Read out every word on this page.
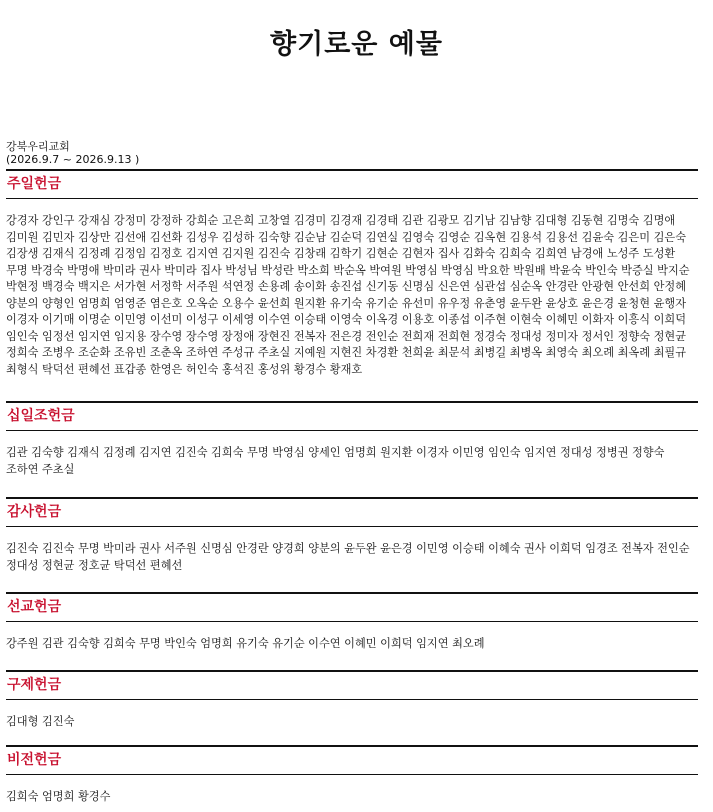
향기로운 예물
강북우리교회
(2026.9.7 ~ 2026.9.13 )
주일헌금
강경자 강인구 강재심 강정미 강정하 강희순 고은희 고창열 김경미 김경재 김경태 김관 김광모 김기남 김남향 김대형 김동현 김명숙 김명애 김미원 김민자 김상만 김선애 김선화 김성우 김성하 김숙향 김순남 김순덕 김연실 김영숙 김영순 김옥현 김용석 김용선 김윤숙 김은미 김은숙 김장생 김재식 김정례 김정임 김정호 김지연 김지원 김진숙 김창래 김학기 김현순 김현자 집사 김화숙 김희숙 김희연 남경애 노성주 도성환 무명 박경숙 박명애 박미라 권사 박미라 집사 박성님 박성란 박소희 박순옥 박여원 박영심 박영심 박요한 박원배 박윤숙 박인숙 박증실 박지순 박현정 백경숙 백지은 서가현 서정학 서주원 석연정 손용례 송이화 송진섭 신기동 신명심 신은연 심관섭 심순옥 안경란 안광현 안선희 안정혜 양분의 양형인 엄명희 엄영준 염은호 오옥순 오용수 윤선희 원지환 유기숙 유기순 유선미 유우정 유춘영 윤두완 윤상호 윤은경 윤청현 윤행자 이경자 이기매 이명순 이민영 이선미 이성구 이세영 이수연 이승태 이영숙 이옥경 이용호 이종섭 이주현 이현숙 이혜민 이화자 이흥식 이희덕 임인숙 임정선 임지연 임지용 장수영 장수영 장정애 장현진 전복자 전은경 전인순 전희재 전희현 정경숙 정대성 정미자 정서인 정향숙 정현균 정희숙 조병우 조순화 조유빈 조춘옥 조하연 주성규 주초실 지예원 지현진 차경환 천희윤 최문석 최병길 최병옥 최영숙 최오례 최옥례 최필규 최형식 탁덕선 편혜선 표갑종 한영은 허인숙 홍석진 홍성위 황경수 황재호
십일조헌금
김관 김숙향 김재식 김정례 김지연 김진숙 김희숙 무명 박영심 양세인 엄명희 원지환 이경자 이민영 임인숙 임지연 정대성 정병권 정향숙 조하연 주초실
감사헌금
김진숙 김진숙 무명 박미라 권사 서주원 신명심 안경란 양경희 양분의 윤두완 윤은경 이민영 이승태 이혜숙 권사 이희덕 임경조 전복자 전인순 정대성 정현균 정호균 탁덕선 편혜선
선교헌금
강주원 김관 김숙향 김희숙 무명 박인숙 엄명희 유기숙 유기순 이수연 이혜민 이희덕 임지연 최오례
구제헌금
김대형 김진숙
비전헌금
김희숙 엄명희 황경수
